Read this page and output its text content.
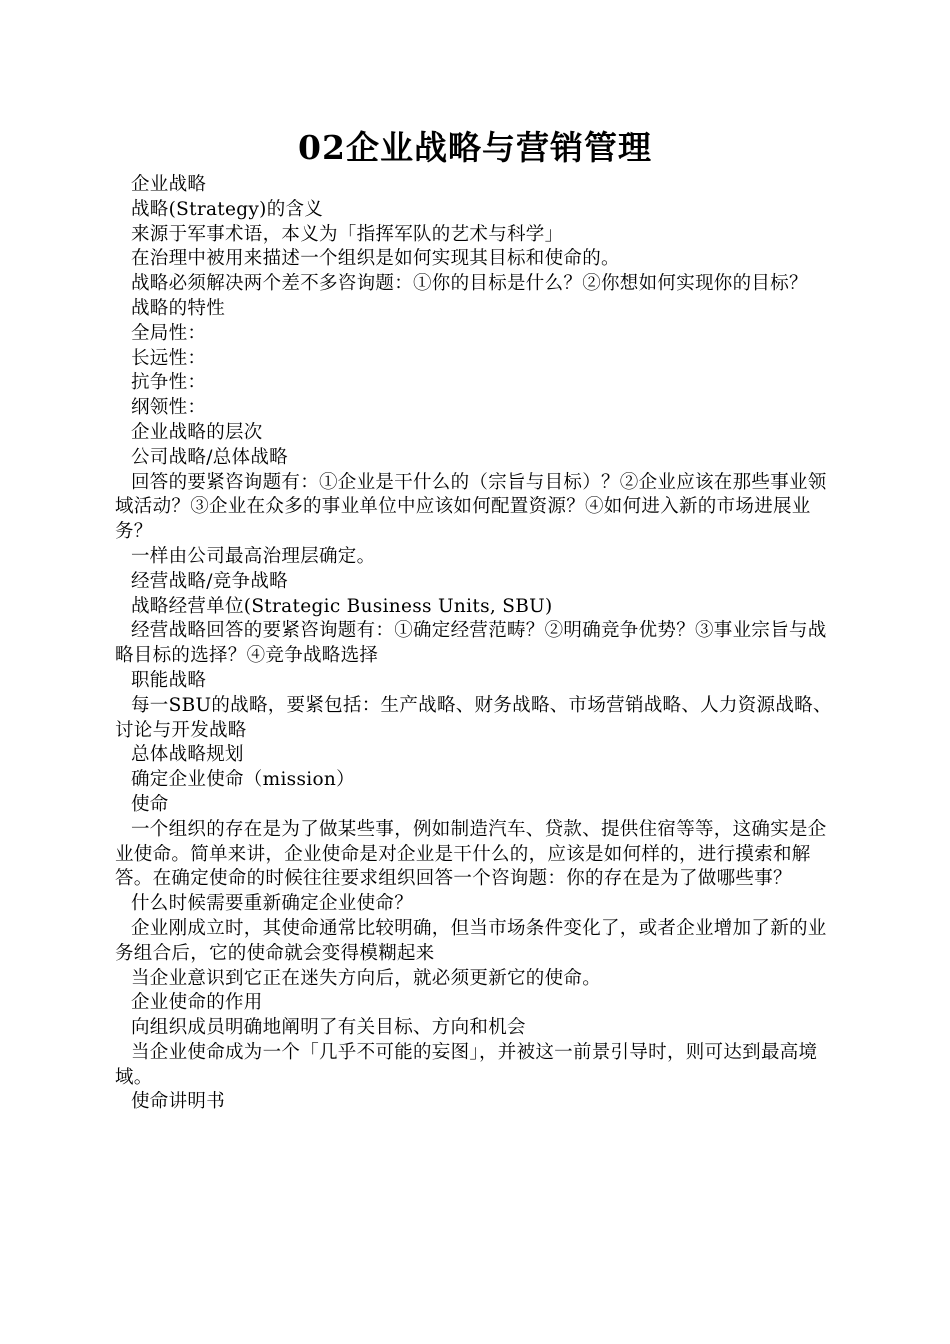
02企业战略与营销管理

企业战略

战略(Strategy)的含义

来源于军事术语，本义为「指挥军队的艺术与科学」

在治理中被用来描述一个组织是如何实现其目标和使命的。

战略必须解决两个差不多咨询题：①你的目标是什么？②你想如何实现你的目标？

战略的特性

全局性：

长远性：

抗争性：

纲领性：

企业战略的层次

公司战略/总体战略

回答的要紧咨询题有：①企业是干什么的（宗旨与目标）？②企业应该在那些事业领域活动？③企业在众多的事业单位中应该如何配置资源？④如何进入新的市场进展业务？

一样由公司最高治理层确定。

经营战略/竞争战略

战略经营单位(Strategic Business Units, SBU)

经营战略回答的要紧咨询题有：①确定经营范畴？②明确竞争优势？③事业宗旨与战略目标的选择？④竞争战略选择

职能战略

每一SBU的战略，要紧包括：生产战略、财务战略、市场营销战略、人力资源战略、讨论与开发战略

总体战略规划

确定企业使命（mission）

使命

一个组织的存在是为了做某些事，例如制造汽车、贷款、提供住宿等等，这确实是企业使命。简单来讲，企业使命是对企业是干什么的，应该是如何样的，进行摸索和解答。在确定使命的时候往往要求组织回答一个咨询题：你的存在是为了做哪些事？

什么时候需要重新确定企业使命？

企业刚成立时，其使命通常比较明确，但当市场条件变化了，或者企业增加了新的业务组合后，它的使命就会变得模糊起来

当企业意识到它正在迷失方向后，就必须更新它的使命。

企业使命的作用

向组织成员明确地阐明了有关目标、方向和机会

当企业使命成为一个「几乎不可能的妄图」，并被这一前景引导时，则可达到最高境域。

使命讲明书
